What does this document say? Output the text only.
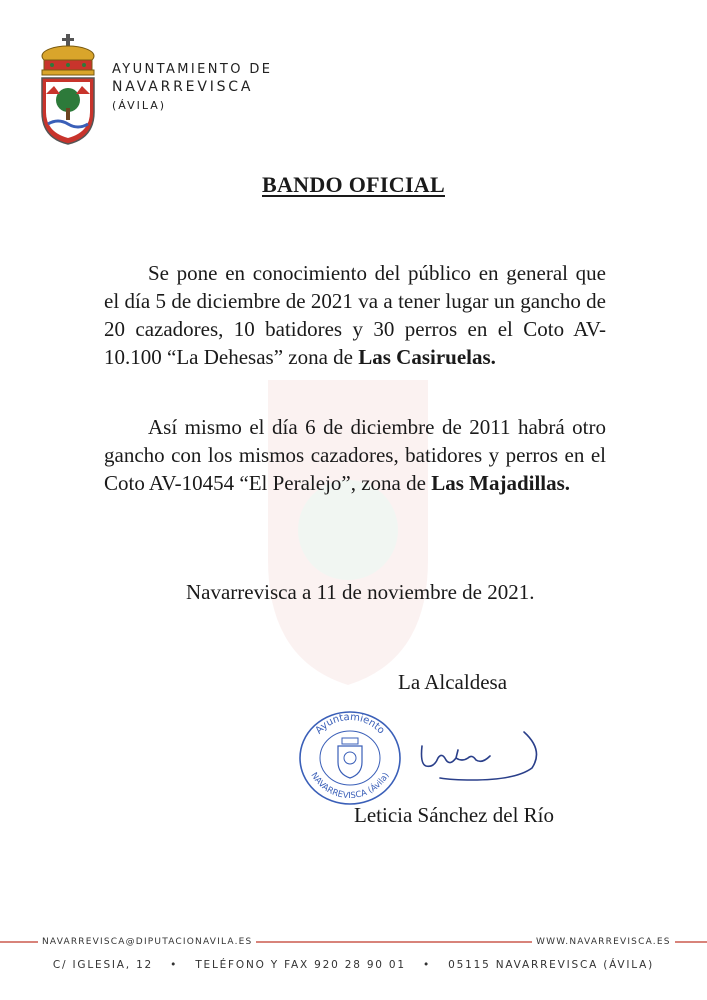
AYUNTAMIENTO DE
NAVARREVISCA
(ÁVILA)
BANDO OFICIAL

Se pone en conocimiento del público en general que el día 5 de diciembre de 2021 va a tener lugar un gancho de 20 cazadores, 10 batidores y 30 perros en el Coto AV-10.100 “La Dehesas” zona de Las Casiruelas.

Así mismo el día 6 de diciembre de 2011 habrá otro gancho con los mismos cazadores, batidores y perros en el Coto AV-10454 “El Peralejo”, zona de Las Majadillas.

Navarrevisca a 11 de noviembre de 2021.
La Alcaldesa
Ayuntamiento
NAVARREVISCA (Ávila)
Leticia Sánchez del Río
NAVARREVISCA@DIPUTACIONAVILA.ES	WWW.NAVARREVISCA.ES
C/ IGLESIA, 12 • TELÉFONO Y FAX 920 28 90 01 • 05115 NAVARREVISCA (ÁVILA)
